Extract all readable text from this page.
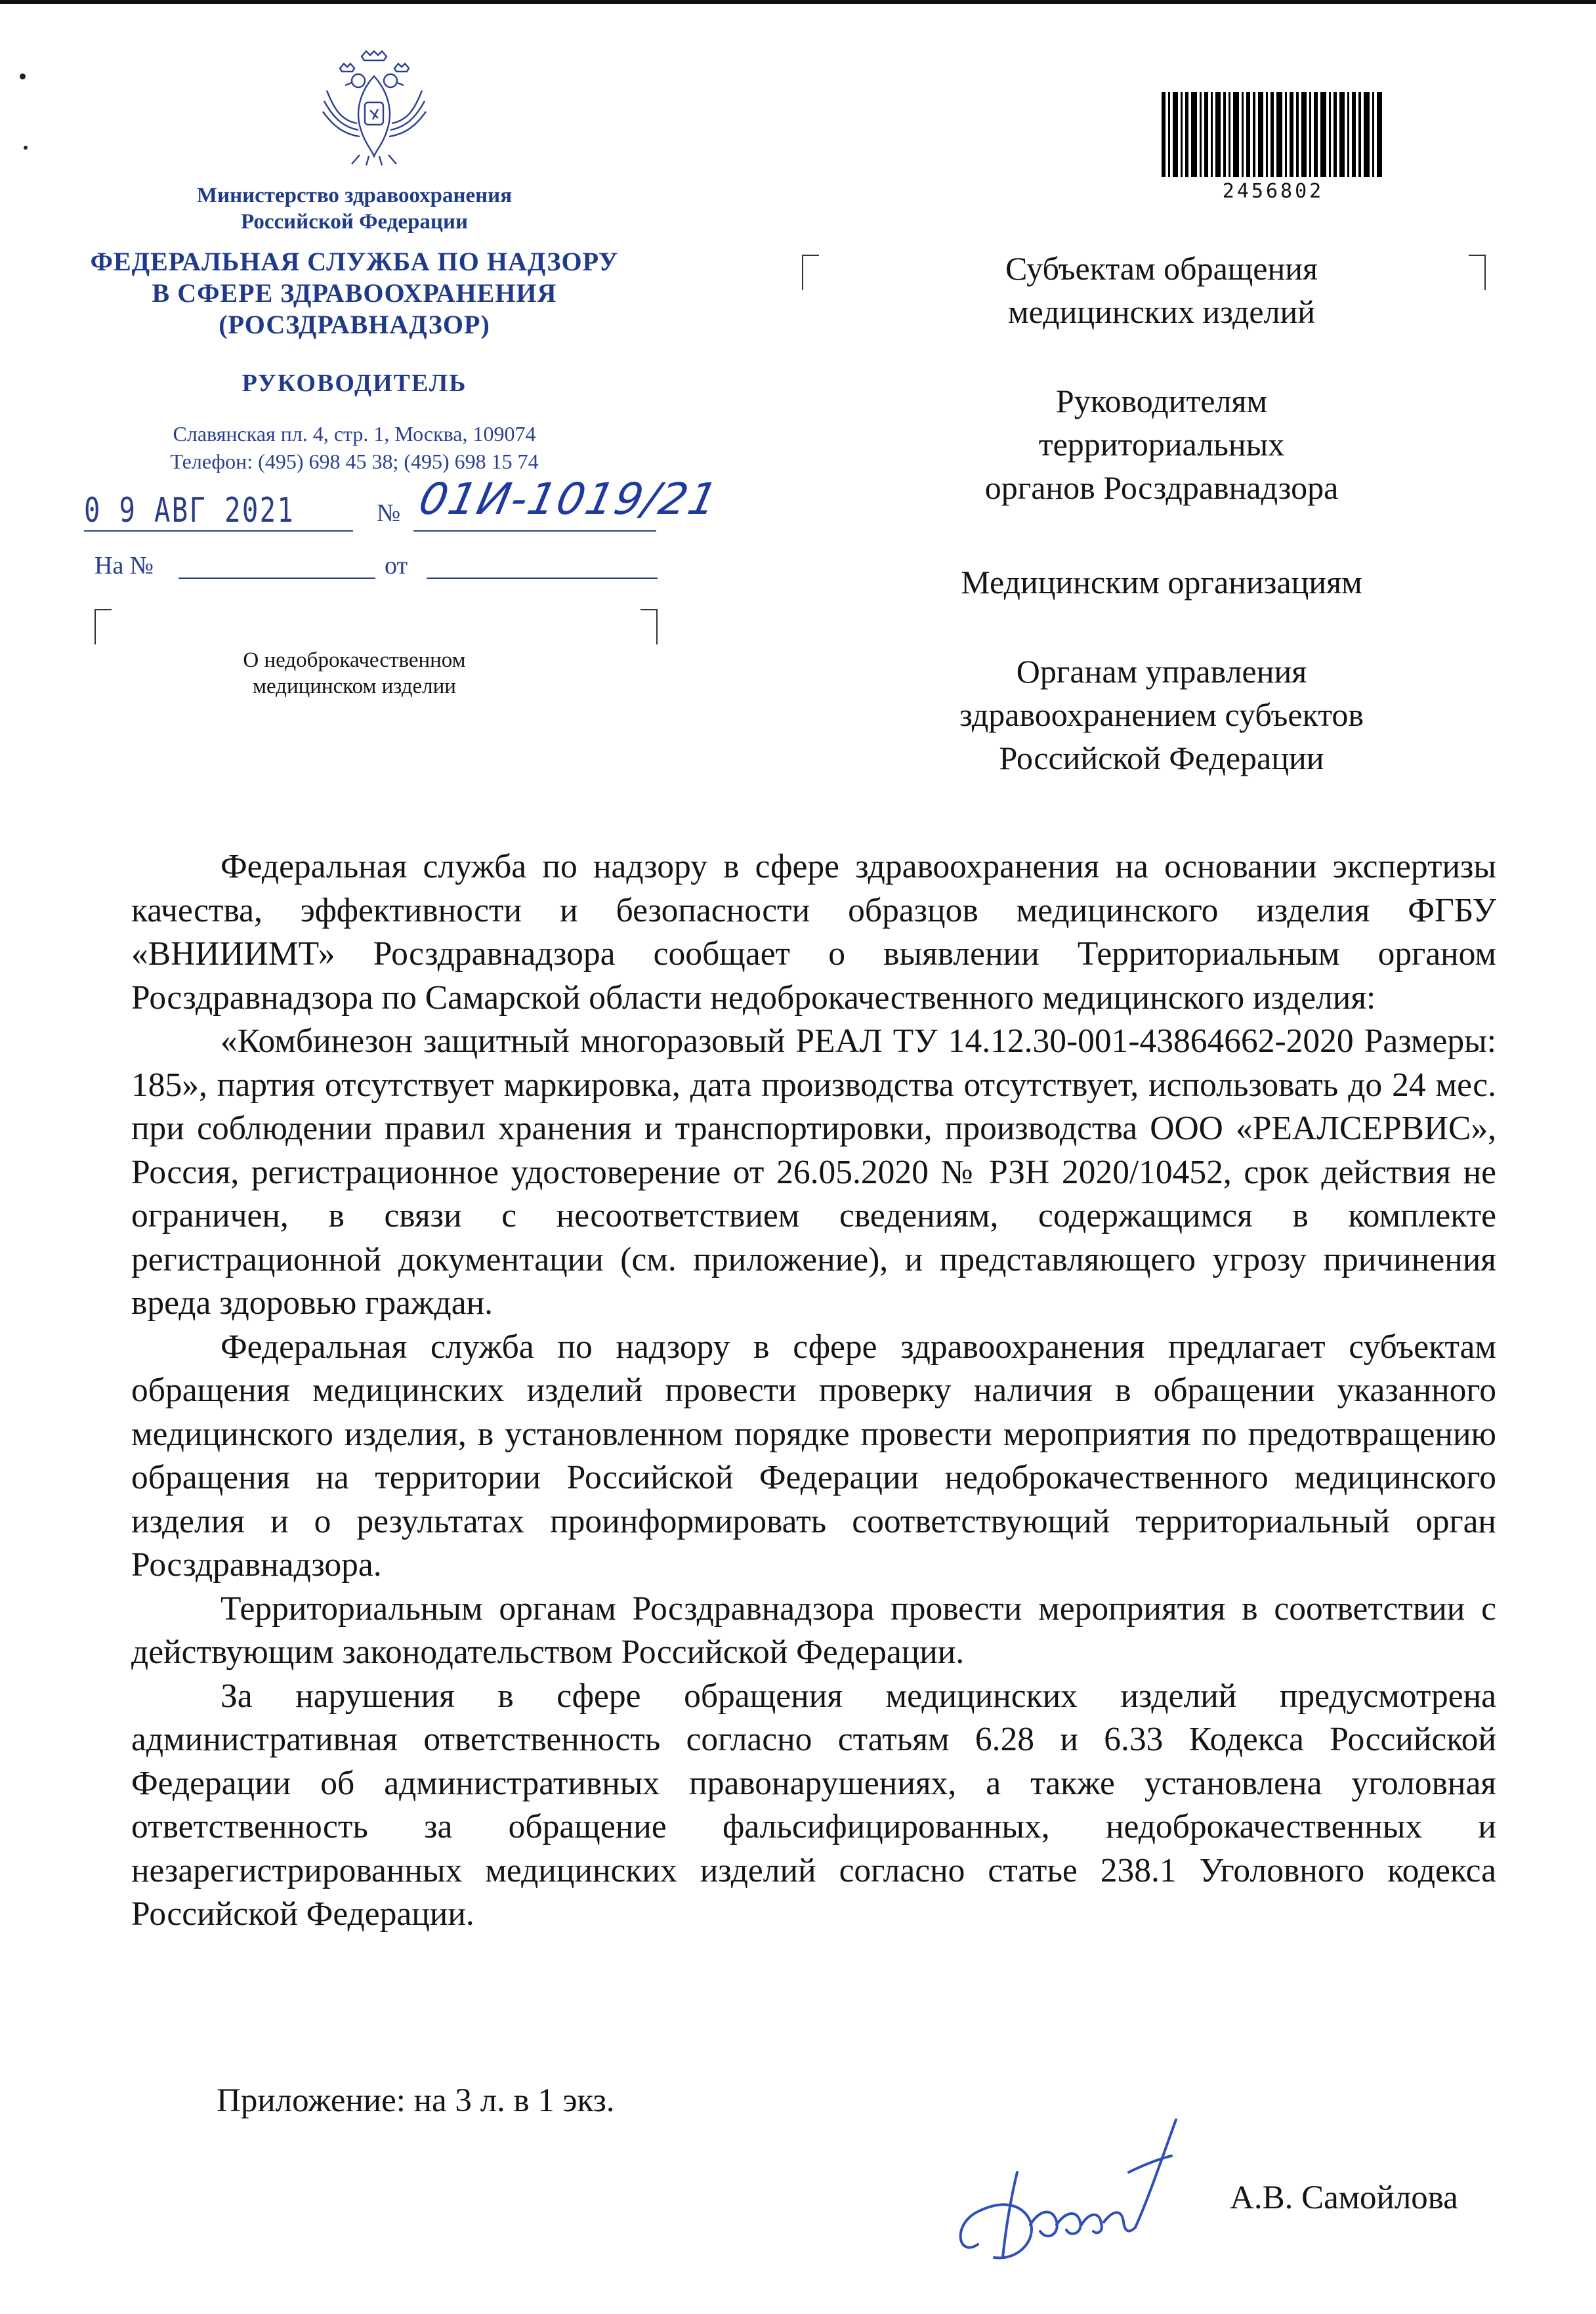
Министерство здравоохранения
Российской Федерации
ФЕДЕРАЛЬНАЯ СЛУЖБА ПО НАДЗОРУ
В СФЕРЕ ЗДРАВООХРАНЕНИЯ
(РОСЗДРАВНАДЗОР)
РУКОВОДИТЕЛЬ
Славянская пл. 4, стр. 1, Москва, 109074
Телефон: (495) 698 45 38; (495) 698 15 74
0 9 АВГ 2021	№ 01И-1019/21
На №	от
О недоброкачественном
медицинском изделии
2456802
Субъектам обращения
медицинских изделий
Руководителям
территориальных
органов Росздравнадзора
Медицинским организациям
Органам управления
здравоохранением субъектов
Российской Федерации

Федеральная служба по надзору в сфере здравоохранения на основании экспертизы качества, эффективности и безопасности образцов медицинского изделия ФГБУ «ВНИИИМТ» Росздравнадзора сообщает о выявлении Территориальным органом Росздравнадзора по Самарской области недоброкачественного медицинского изделия:

«Комбинезон защитный многоразовый РЕАЛ ТУ 14.12.30-001-43864662-2020 Размеры: 185», партия отсутствует маркировка, дата производства отсутствует, использовать до 24 мес. при соблюдении правил хранения и транспортировки, производства ООО «РЕАЛСЕРВИС», Россия, регистрационное удостоверение от 26.05.2020 № РЗН 2020/10452, срок действия не ограничен, в связи с несоответствием сведениям, содержащимся в комплекте регистрационной документации (см. приложение), и представляющего угрозу причинения вреда здоровью граждан.

Федеральная служба по надзору в сфере здравоохранения предлагает субъектам обращения медицинских изделий провести проверку наличия в обращении указанного медицинского изделия, в установленном порядке провести мероприятия по предотвращению обращения на территории Российской Федерации недоброкачественного медицинского изделия и о результатах проинформировать соответствующий территориальный орган Росздравнадзора.

Территориальным органам Росздравнадзора провести мероприятия в соответствии с действующим законодательством Российской Федерации.

За нарушения в сфере обращения медицинских изделий предусмотрена административная ответственность согласно статьям 6.28 и 6.33 Кодекса Российской Федерации об административных правонарушениях, а также установлена уголовная ответственность за обращение фальсифицированных, недоброкачественных и незарегистрированных медицинских изделий согласно статье 238.1 Уголовного кодекса Российской Федерации.

Приложение: на 3 л. в 1 экз.
А.В. Самойлова
